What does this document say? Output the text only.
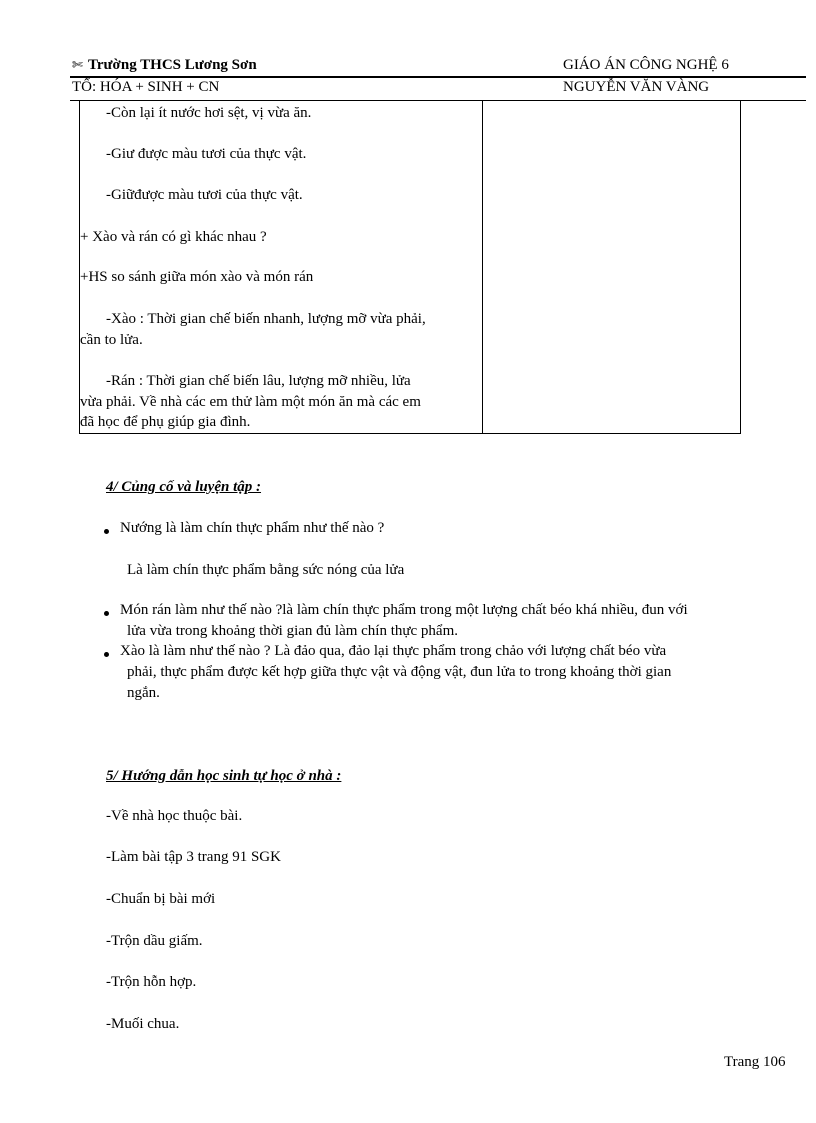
✄ Trường THCS Lương Sơn	GIÁO ÁN CÔNG NGHỆ 6
TỔ: HÓA + SINH + CN	NGUYỄN VĂN VÀNG
-Còn lại ít nước hơi sệt, vị vừa ăn.
-Giư được màu tươi của thực vật.
-Giữđược màu tươi của thực vật.
+ Xào và rán có gì khác nhau ?
+HS so sánh giữa món xào và món rán
-Xào : Thời gian chế biến nhanh, lượng mỡ vừa phải,
cần to lửa.
-Rán : Thời gian chế biến lâu, lượng mỡ nhiều, lửa
vừa phải. Về nhà các em thử làm một món ăn mà các em
đã học để phụ giúp gia đình.
4/ Củng cố và luyện tập :
Nướng là làm chín thực phẩm như thế nào ?
Là làm chín thực phẩm bằng sức nóng của lửa
Món rán làm như thế nào ?là làm chín thực phẩm trong một lượng chất béo khá nhiều, đun với
lửa vừa trong khoảng thời gian đủ làm chín thực phẩm.
Xào là làm như thế nào ? Là đảo qua, đảo lại thực phẩm trong chảo với lượng chất béo vừa
phải, thực phẩm được kết hợp giữa thực vật và động vật, đun lửa to trong khoảng thời gian
ngắn.
5/ Hướng dẫn học sinh tự học ở nhà :
-Về nhà học thuộc bài.
-Làm bài tập 3 trang 91 SGK
-Chuẩn bị bài mới
-Trộn dầu giấm.
-Trộn hỗn hợp.
-Muối chua.
Trang 106
